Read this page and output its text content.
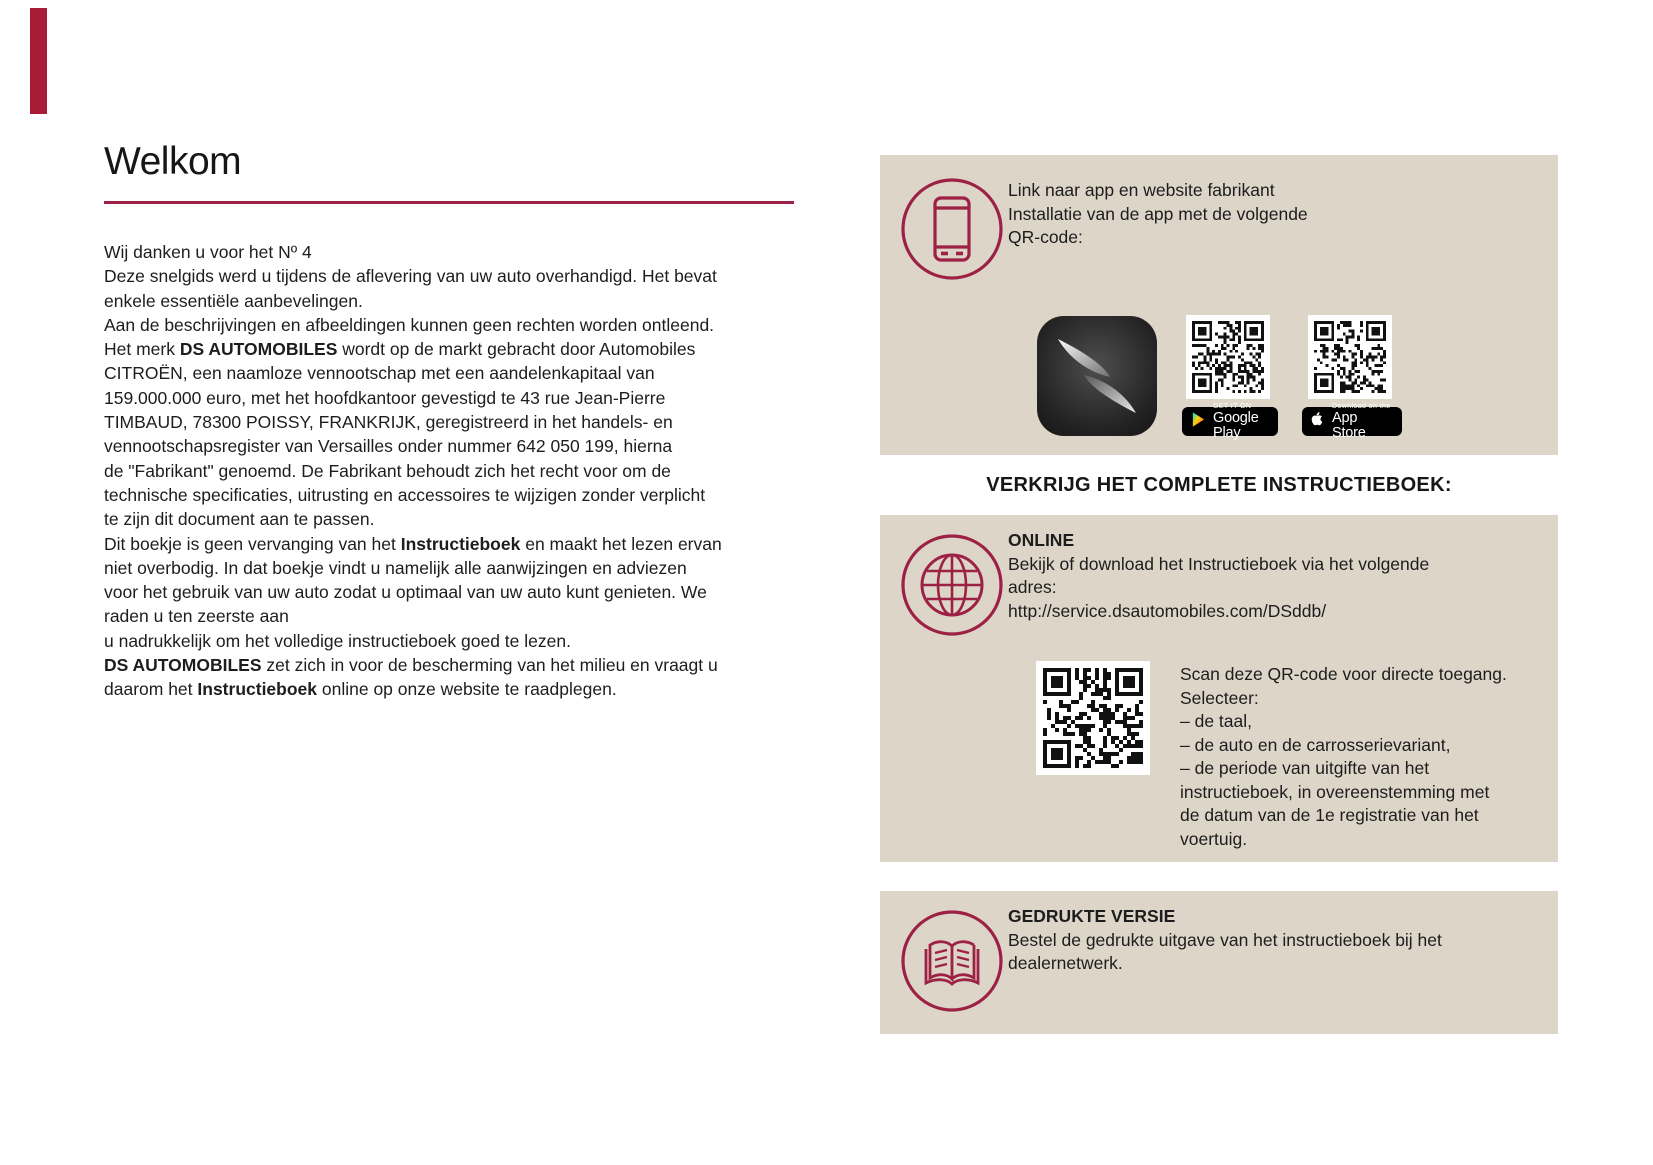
Welkom
Wij danken u voor het Nº 4
Deze snelgids werd u tijdens de aflevering van uw auto overhandigd. Het bevat
enkele essentiële aanbevelingen.
Aan de beschrijvingen en afbeeldingen kunnen geen rechten worden ontleend.
Het merk DS AUTOMOBILES wordt op de markt gebracht door Automobiles
CITROËN, een naamloze vennootschap met een aandelenkapitaal van
159.000.000 euro, met het hoofdkantoor gevestigd te 43 rue Jean-Pierre
TIMBAUD, 78300 POISSY, FRANKRIJK, geregistreerd in het handels- en
vennootschapsregister van Versailles onder nummer 642 050 199, hierna
de "Fabrikant" genoemd. De Fabrikant behoudt zich het recht voor om de
technische specificaties, uitrusting en accessoires te wijzigen zonder verplicht
te zijn dit document aan te passen.
Dit boekje is geen vervanging van het Instructieboek en maakt het lezen ervan
niet overbodig. In dat boekje vindt u namelijk alle aanwijzingen en adviezen
voor het gebruik van uw auto zodat u optimaal van uw auto kunt genieten. We
raden u ten zeerste aan
u nadrukkelijk om het volledige instructieboek goed te lezen.
DS AUTOMOBILES zet zich in voor de bescherming van het milieu en vraagt u
daarom het Instructieboek online op onze website te raadplegen.
Link naar app en website fabrikant
Installatie van de app met de volgende
QR-code:
GET IT ON
Google Play
Download on the
App Store
VERKRIJG HET COMPLETE INSTRUCTIEBOEK:
ONLINE
Bekijk of download het Instructieboek via het volgende
adres:
http://service.dsautomobiles.com/DSddb/
Scan deze QR-code voor directe toegang.
Selecteer:
– de taal,
– de auto en de carrosserievariant,
– de periode van uitgifte van het
instructieboek, in overeenstemming met
de datum van de 1e registratie van het
voertuig.
GEDRUKTE VERSIE
Bestel de gedrukte uitgave van het instructieboek bij het
dealernetwerk.
